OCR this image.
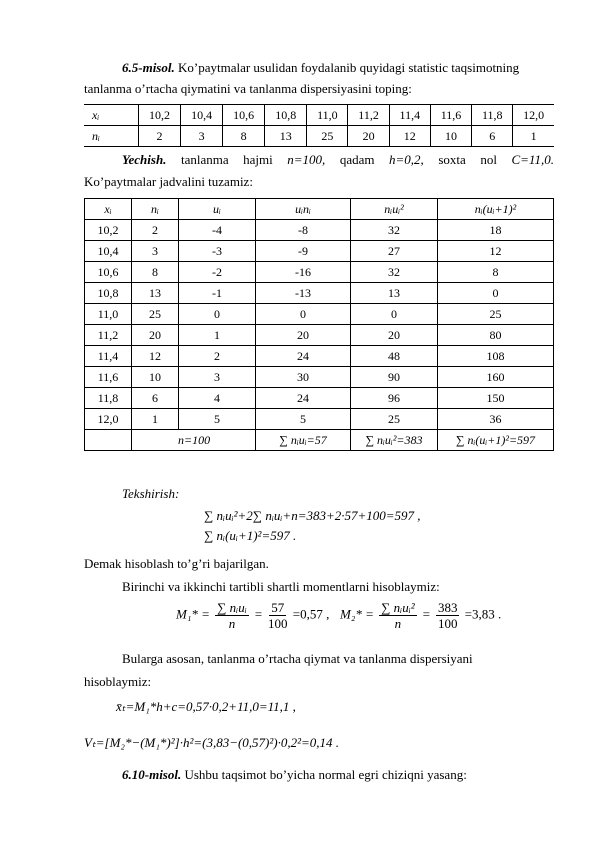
6.5-misol. Ko’paytmalar usulidan foydalanib quyidagi statistic taqsimotning
tanlanma o’rtacha qiymatini va tanlanma dispersiyasini toping:
xᵢ	10,2	10,4	10,6	10,8	11,0	11,2	11,4	11,6	11,8	12,0
nᵢ	2	3	8	13	25	20	12	10	6	1
Yechish. tanlanma hajmi n=100, qadam h=0,2, soxta nol C=11,0.
Ko’paytmalar jadvalini tuzamiz:
xᵢ	nᵢ	uᵢ	uᵢnᵢ	nᵢuᵢ²	nᵢ(uᵢ+1)²
10,2	2	-4	-8	32	18
10,4	3	-3	-9	27	12
10,6	8	-2	-16	32	8
10,8	13	-1	-13	13	0
11,0	25	0	0	0	25
11,2	20	1	20	20	80
11,4	12	2	24	48	108
11,6	10	3	30	90	160
11,8	6	4	24	96	150
12,0	1	5	5	25	36
	n=100		∑ nᵢuᵢ=57	∑ nᵢuᵢ²=383	∑ nᵢ(uᵢ+1)²=597
Tekshirish:
∑ nᵢuᵢ²+2∑ nᵢuᵢ+n=383+2·57+100=597 ,
∑ nᵢ(uᵢ+1)²=597 .
Demak hisoblash to’g’ri bajarilgan.
Birinchi va ikkinchi tartibli shartli momentlarni hisoblaymiz:
$M_1* = \frac{\text{∑ nᵢuᵢ}}{n} = \frac{57}{100} =0,57$ , $M_2* = \frac{\text{∑ nᵢuᵢ²}}{n} = \frac{383}{100} =3,83$ .
Bularga asosan, tanlanma o’rtacha qiymat va tanlanma dispersiyani
hisoblaymiz:
x̄ₜ=M₁*h+c=0,57·0,2+11,0=11,1 ,
Vₜ=[M₂*−(M₁*)²]·h²=(3,83−(0,57)²)·0,2²=0,14 .
6.10-misol. Ushbu taqsimot bo’yicha normal egri chiziqni yasang:
